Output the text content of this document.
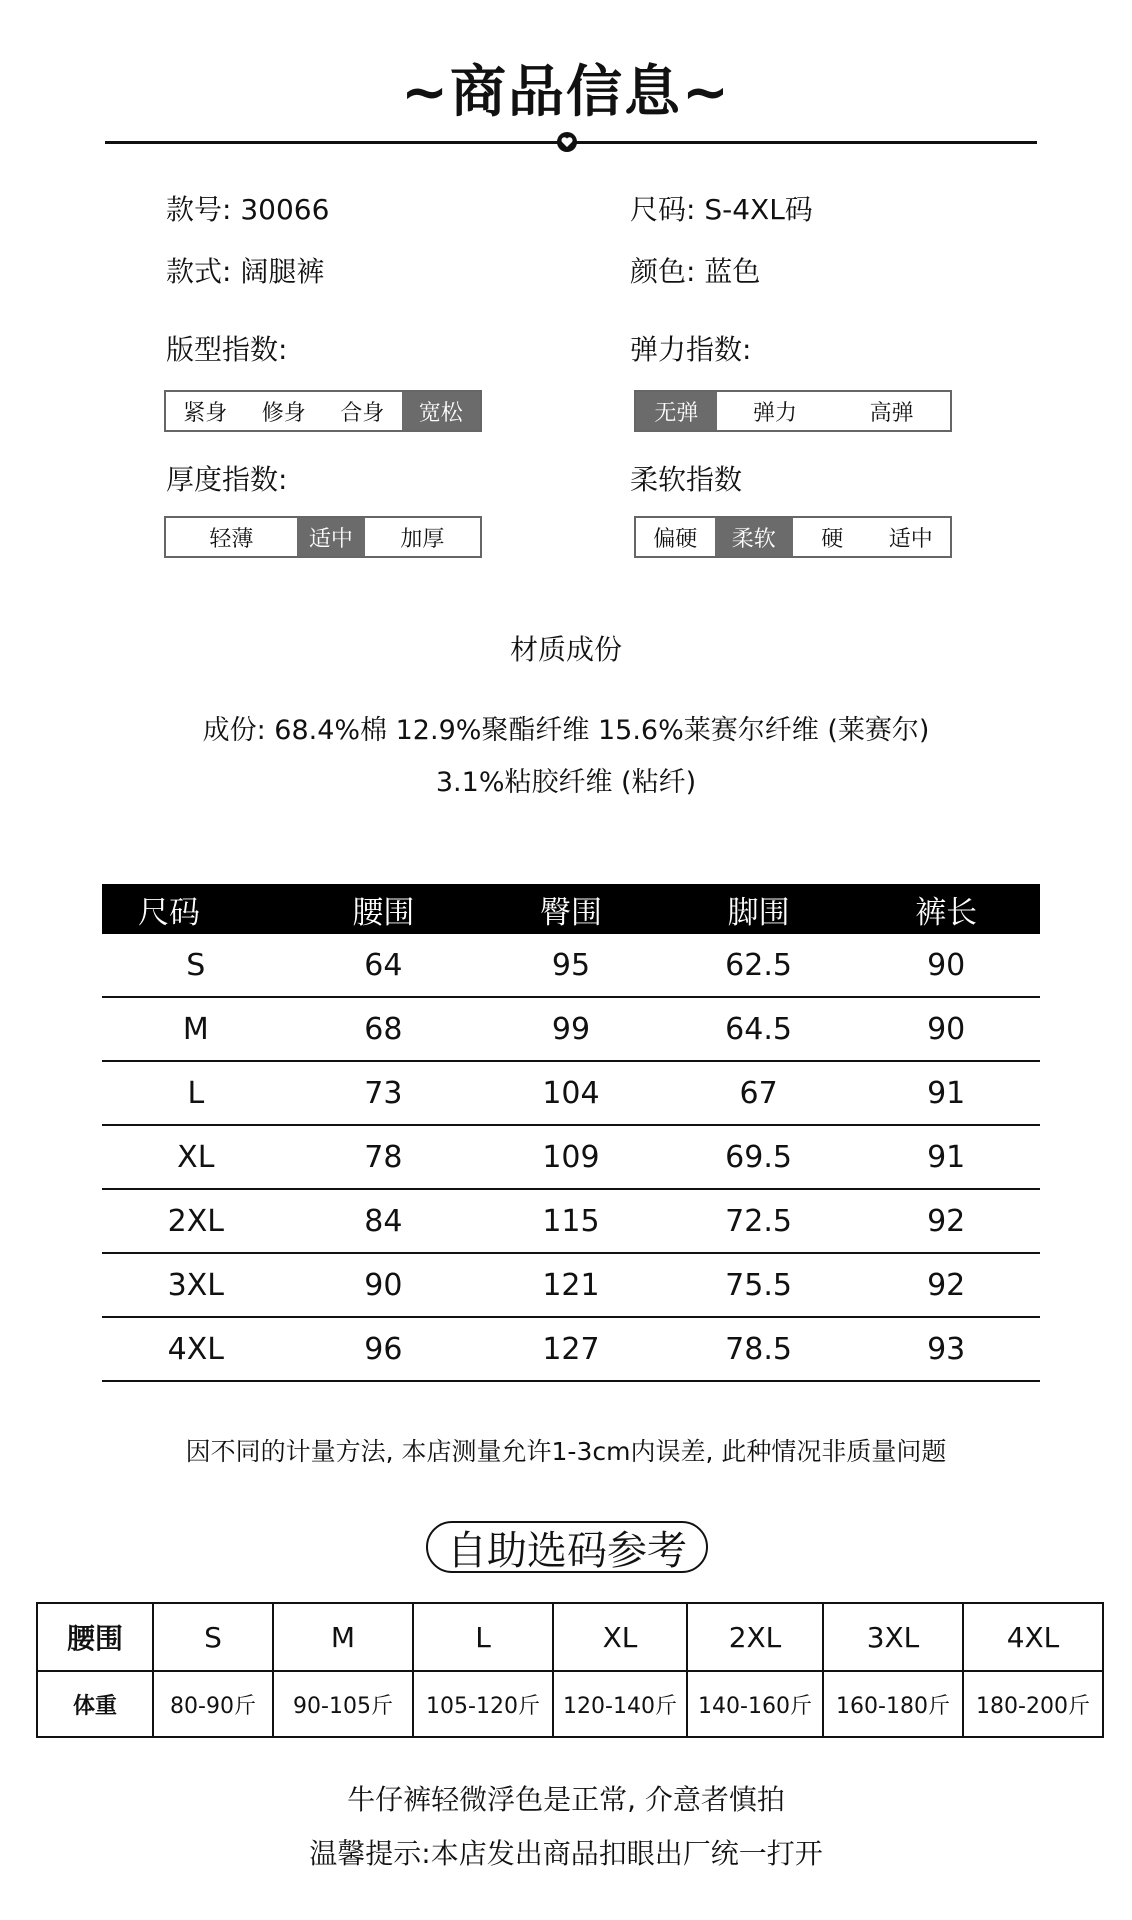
~商品信息~
款号: 30066	尺码: S-4XL码
款式: 阔腿裤	颜色: 蓝色
版型指数:	弹力指数:
紧身	修身	合身	宽松	无弹	弹力	高弹
厚度指数:	柔软指数
轻薄	适中	加厚	偏硬	柔软	硬	适中
材质成份
成份: 68.4%棉 12.9%聚酯纤维 15.6%莱赛尔纤维 (莱赛尔)
3.1%粘胶纤维 (粘纤)
尺码	腰围	臀围	脚围	裤长
S	64	95	62.5	90
M	68	99	64.5	90
L	73	104	67	91
XL	78	109	69.5	91
2XL	84	115	72.5	92
3XL	90	121	75.5	92
4XL	96	127	78.5	93
因不同的计量方法, 本店测量允许1-3cm内误差, 此种情况非质量问题
自助选码参考
腰围	S	M	L	XL	2XL	3XL	4XL
体重	80-90斤	90-105斤	105-120斤	120-140斤	140-160斤	160-180斤	180-200斤
牛仔裤轻微浮色是正常, 介意者慎拍
温馨提示:本店发出商品扣眼出厂统一打开
